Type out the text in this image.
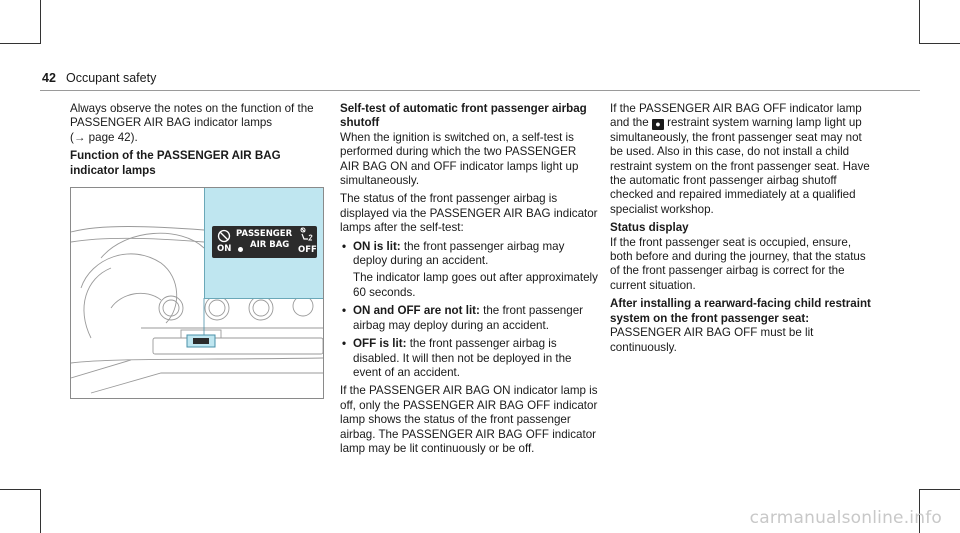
42 Occupant safety

Always observe the notes on the function of the PASSENGER AIR BAG indicator lamps
(→ page 42).

Function of the PASSENGER AIR BAG indicator lamps
PASSENGER
ON AIR BAG OFF
Self-test of automatic front passenger airbag shutoff

When the ignition is switched on, a self-test is performed during which the two PASSENGER AIR BAG ON and OFF indicator lamps light up simultaneously.

The status of the front passenger airbag is displayed via the PASSENGER AIR BAG indicator lamps after the self-test:

• ON is lit: the front passenger airbag may deploy during an accident.
The indicator lamp goes out after approximately 60 seconds.
• ON and OFF are not lit: the front passenger airbag may deploy during an accident.
• OFF is lit: the front passenger airbag is disabled. It will then not be deployed in the event of an accident.

If the PASSENGER AIR BAG ON indicator lamp is off, only the PASSENGER AIR BAG OFF indicator lamp shows the status of the front passenger airbag. The PASSENGER AIR BAG OFF indicator lamp may be lit continuously or be off.

If the PASSENGER AIR BAG OFF indicator lamp and the ● restraint system warning lamp light up simultaneously, the front passenger seat may not be used. Also in this case, do not install a child restraint system on the front passenger seat. Have the automatic front passenger airbag shutoff checked and repaired immediately at a qualified specialist workshop.

Status display

If the front passenger seat is occupied, ensure, both before and during the journey, that the status of the front passenger airbag is correct for the current situation.

After installing a rearward-facing child restraint system on the front passenger seat:

PASSENGER AIR BAG OFF must be lit continuously.

carmanualsonline.info
